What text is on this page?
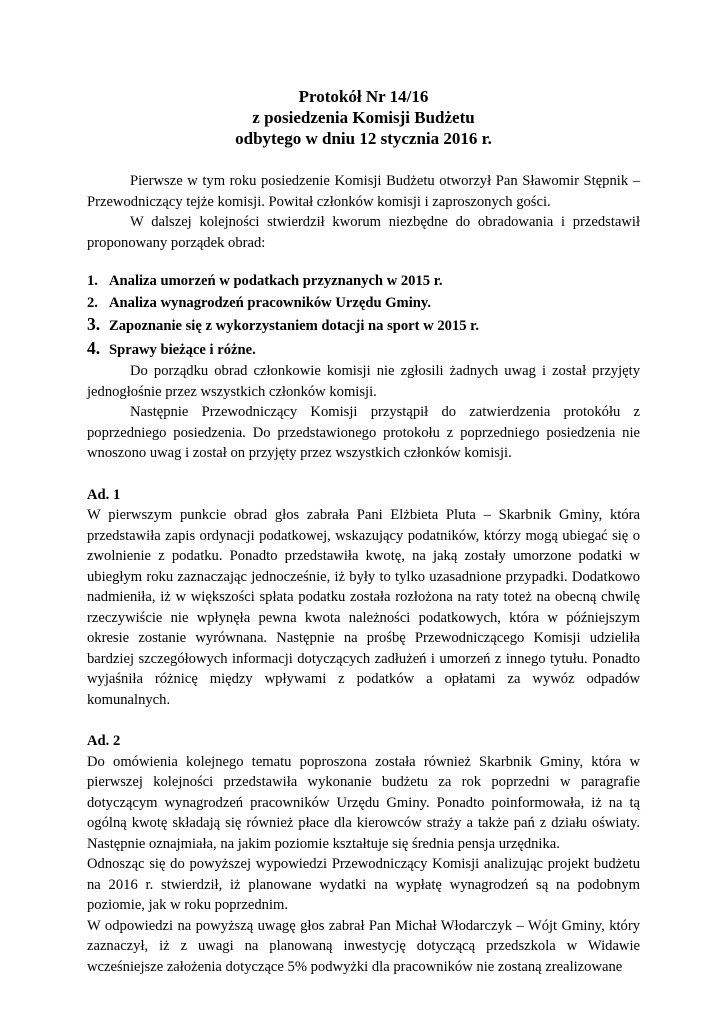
Protokół Nr 14/16
z posiedzenia Komisji Budżetu
odbytego w dniu 12 stycznia 2016 r.

Pierwsze w tym roku posiedzenie Komisji Budżetu otworzył Pan Sławomir Stępnik – Przewodniczący tejże komisji. Powitał członków komisji i zaproszonych gości.

W dalszej kolejności stwierdził kworum niezbędne do obradowania i przedstawił proponowany porządek obrad:

1. Analiza umorzeń w podatkach przyznanych w 2015 r.
2. Analiza wynagrodzeń pracowników Urzędu Gminy.
3. Zapoznanie się z wykorzystaniem dotacji na sport w 2015 r.
4. Sprawy bieżące i różne.

Do porządku obrad członkowie komisji nie zgłosili żadnych uwag i został przyjęty jednogłośnie przez wszystkich członków komisji.

Następnie Przewodniczący Komisji przystąpił do zatwierdzenia protokółu z poprzedniego posiedzenia. Do przedstawionego protokołu z poprzedniego posiedzenia nie wnoszono uwag i został on przyjęty przez wszystkich członków komisji.

Ad. 1

W pierwszym punkcie obrad głos zabrała Pani Elżbieta Pluta – Skarbnik Gminy, która przedstawiła zapis ordynacji podatkowej, wskazujący podatników, którzy mogą ubiegać się o zwolnienie z podatku. Ponadto przedstawiła kwotę, na jaką zostały umorzone podatki w ubiegłym roku zaznaczając jednocześnie, iż były to tylko uzasadnione przypadki. Dodatkowo nadmieniła, iż w większości spłata podatku została rozłożona na raty toteż na obecną chwilę rzeczywiście nie wpłynęła pewna kwota należności podatkowych, która w późniejszym okresie zostanie wyrównana. Następnie na prośbę Przewodniczącego Komisji udzieliła bardziej szczegółowych informacji dotyczących zadłużeń i umorzeń z innego tytułu. Ponadto wyjaśniła różnicę między wpływami z podatków a opłatami za wywóz odpadów komunalnych.

Ad. 2

Do omówienia kolejnego tematu poproszona została również Skarbnik Gminy, która w pierwszej kolejności przedstawiła wykonanie budżetu za rok poprzedni w paragrafie dotyczącym wynagrodzeń pracowników Urzędu Gminy. Ponadto poinformowała, iż na tą ogólną kwotę składają się również płace dla kierowców straży a także pań z działu oświaty. Następnie oznajmiała, na jakim poziomie kształtuje się średnia pensja urzędnika.

Odnosząc się do powyższej wypowiedzi Przewodniczący Komisji analizując projekt budżetu na 2016 r. stwierdził, iż planowane wydatki na wypłatę wynagrodzeń są na podobnym poziomie, jak w roku poprzednim.

W odpowiedzi na powyższą uwagę głos zabrał Pan Michał Włodarczyk – Wójt Gminy, który zaznaczył, iż z uwagi na planowaną inwestycję dotyczącą przedszkola w Widawie wcześniejsze założenia dotyczące 5% podwyżki dla pracowników nie zostaną zrealizowane
